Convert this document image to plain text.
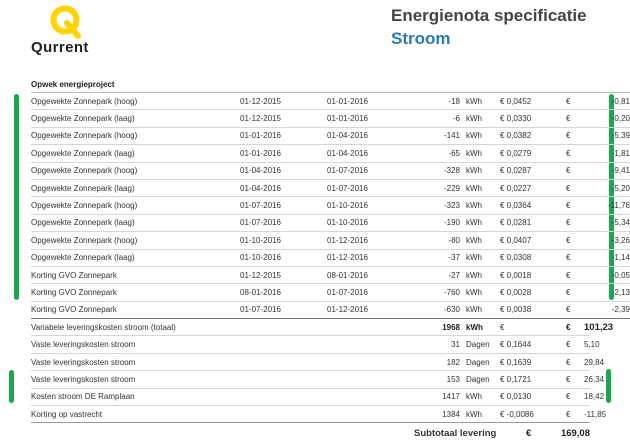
Qurrent
Energienota specificatie
Stroom
Opwek energieproject
Opgewekte Zonnepark (hoog)	01-12-2015	01-01-2016	-18	kWh	€ 0,0452	€	-0,81
Opgewekte Zonnepark (laag)	01-12-2015	01-01-2016	-6	kWh	€ 0,0330	€	-0,20
Opgewekte Zonnepark (hoog)	01-01-2016	01-04-2016	-141	kWh	€ 0,0382	€	-5,39
Opgewekte Zonnepark (laag)	01-01-2016	01-04-2016	-65	kWh	€ 0,0279	€	-1,81
Opgewekte Zonnepark (hoog)	01-04-2016	01-07-2016	-328	kWh	€ 0,0287	€	-9,41
Opgewekte Zonnepark (laag)	01-04-2016	01-07-2016	-229	kWh	€ 0,0227	€	-5,20
Opgewekte Zonnepark (hoog)	01-07-2016	01-10-2016	-323	kWh	€ 0,0364	€	-11,76
Opgewekte Zonnepark (laag)	01-07-2016	01-10-2016	-190	kWh	€ 0,0281	€	-5,34
Opgewekte Zonnepark (hoog)	01-10-2016	01-12-2016	-80	kWh	€ 0,0407	€	-3,26
Opgewekte Zonnepark (laag)	01-10-2016	01-12-2016	-37	kWh	€ 0,0308	€	-1,14
Korting GVO Zonnepark	01-12-2015	08-01-2016	-27	kWh	€ 0,0018	€	-0,05
Korting GVO Zonnepark	08-01-2016	01-07-2016	-760	kWh	€ 0,0028	€	-2,13
Korting GVO Zonnepark	01-07-2016	01-12-2016	-630	kWh	€ 0,0038	€	-2,39
Variabele leveringskosten stroom (totaal)	1968	kWh	€	€	101,23
Vaste leveringskosten stroom	31	Dagen	€ 0,1644	€	5,10
Vaste leveringskosten stroom	182	Dagen	€ 0,1639	€	29,84
Vaste leveringskosten stroom	153	Dagen	€ 0,1721	€	26,34
Kosten stroom DE Ramplaan	1417	kWh	€ 0,0130	€	18,42
Korting op vastrecht	1384	kWh	€ -0,0086	€	-11,85
	Subtotaal levering	€	169,08
